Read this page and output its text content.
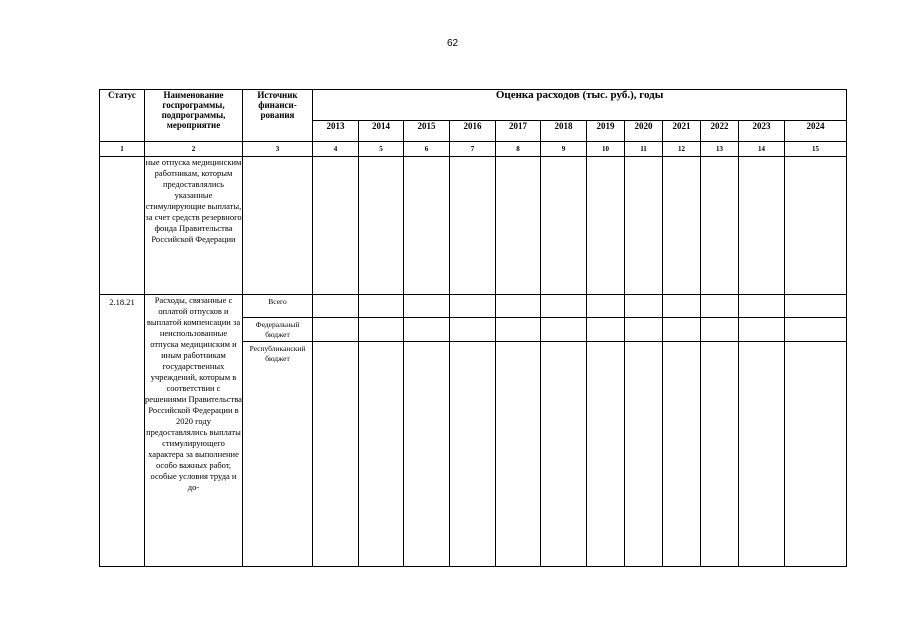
62
Статус	Наименование госпрограммы, подпрограммы, мероприятие	Источник финанси-рования	Оценка расходов (тыс. руб.), годы											
			2013	2014	2015	2016	2017	2018	2019	2020	2021	2022	2023	2024
1	2	3	4	5	6	7	8	9	10	11	12	13	14	15

	ные отпуска медицинским работникам, которым предоставлялись указанные стимулирующие выплаты, за счет средств резервного фонда Правительства Российской Федерации													

2.18.21	Расходы, связанные с оплатой отпусков и выплатой компенсации за неиспользованные отпуска медицинским и иным работникам государственных учреждений, которым в соответствии с решениями Правительства Российской Федерации в 2020 году предоставлялись выплаты стимулирующего характера за выполнение особо важных работ, особые условия труда и до-	Всего												

		Федеральный бюджет												

		Республиканский бюджет												
